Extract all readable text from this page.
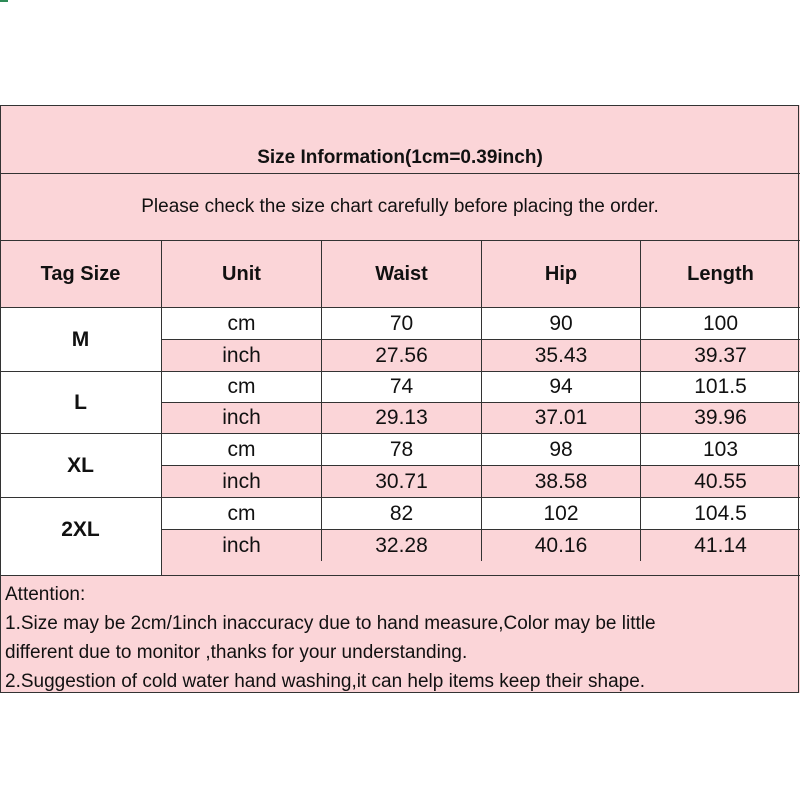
Size Information(1cm=0.39inch)
Please check the size chart carefully before placing the order.
Tag Size	Unit	Waist	Hip	Length
M
cm	70	90	100
inch	27.56	35.43	39.37
L
cm	74	94	101.5
inch	29.13	37.01	39.96
XL
cm	78	98	103
inch	30.71	38.58	40.55
2XL
cm	82	102	104.5
inch	32.28	40.16	41.14
Attention:
1.Size may be 2cm/1inch inaccuracy due to hand measure,Color may be little
different due to monitor ,thanks for your understanding.
2.Suggestion of cold water hand washing,it can help items keep their shape.
